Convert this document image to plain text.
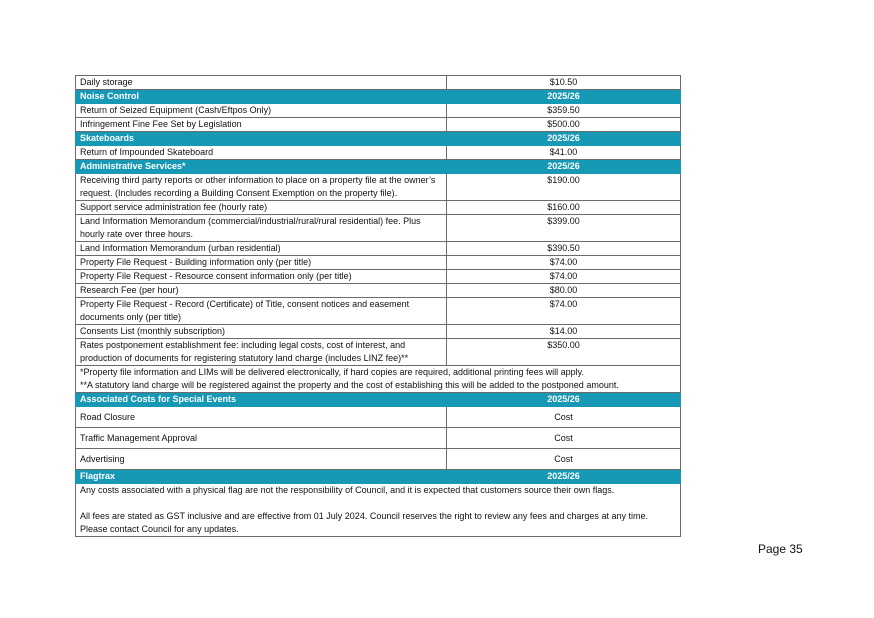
Daily storage	$10.50
Noise Control	2025/26
Return of Seized Equipment (Cash/Eftpos Only)	$359.50
Infringement Fine Fee Set by Legislation	$500.00
Skateboards	2025/26
Return of Impounded Skateboard	$41.00
Administrative Services*	2025/26
Receiving third party reports or other information to place on a property file at the owner’s request. (Includes recording a Building Consent Exemption on the property file).	$190.00
Support service administration fee (hourly rate)	$160.00
Land Information Memorandum (commercial/industrial/rural/rural residential) fee. Plus hourly rate over three hours.	$399.00
Land Information Memorandum (urban residential)	$390.50
Property File Request - Building information only (per title)	$74.00
Property File Request - Resource consent information only (per title)	$74.00
Research Fee (per hour)	$80.00
Property File Request - Record (Certificate) of Title, consent notices and easement documents only (per title)	$74.00
Consents List (monthly subscription)	$14.00
Rates postponement establishment fee: including legal costs, cost of interest, and production of documents for registering statutory land charge (includes LINZ fee)**	$350.00

*Property file information and LIMs will be delivered electronically, if hard copies are required, additional printing fees will apply.
**A statutory land charge will be registered against the property and the cost of establishing this will be added to the postponed amount.	

Associated Costs for Special Events	2025/26
Road Closure	Cost
Traffic Management Approval	Cost
Advertising	Cost
Flagtrax	2025/26

Any costs associated with a physical flag are not the responsibility of Council, and it is expected that customers source their own flags.
All fees are stated as GST inclusive and are effective from 01 July 2024. Council reserves the right to review any fees and charges at any time. Please contact Council for any updates.	
Page 35
